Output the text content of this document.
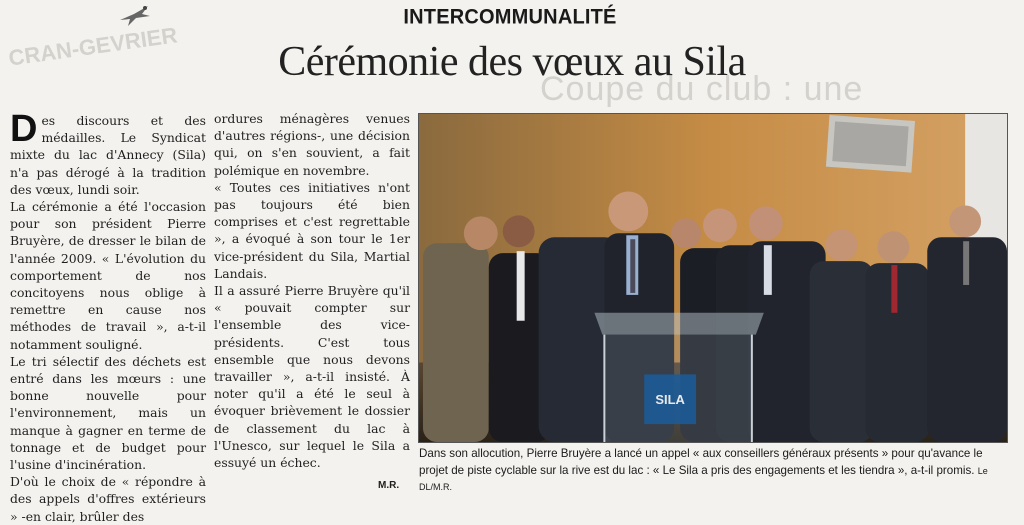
CRAN-GEVRIER
Coupe du club : une
INTERCOMMUNALITÉ
Cérémonie des vœux au Sila

Des discours et des médailles. Le Syndicat mixte du lac d'Annecy (Sila) n'a pas dérogé à la tradition des vœux, lundi soir.

La cérémonie a été l'occasion pour son président Pierre Bruyère, de dresser le bilan de l'année 2009. « L'évolution du comportement de nos concitoyens nous oblige à remettre en cause nos méthodes de travail », a-t-il notamment souligné.

Le tri sélectif des déchets est entré dans les mœurs : une bonne nouvelle pour l'environnement, mais un manque à gagner en terme de tonnage et de budget pour l'usine d'incinération.

D'où le choix de « répondre à des appels d'offres extérieurs » -en clair, brûler des

ordures ménagères venues d'autres régions-, une décision qui, on s'en souvient, a fait polémique en novembre.

« Toutes ces initiatives n'ont pas toujours été bien comprises et c'est regrettable », a évoqué à son tour le 1er vice-président du Sila, Martial Landais.

Il a assuré Pierre Bruyère qu'il « pouvait compter sur l'ensemble des vice-présidents. C'est tous ensemble que nous devons travailler », a-t-il insisté. À noter qu'il a été le seul à évoquer brièvement le dossier de classement du lac à l'Unesco, sur lequel le Sila a essuyé un échec.

SILA
Dans son allocution, Pierre Bruyère a lancé un appel « aux conseillers généraux présents » pour qu'avance le projet de piste cyclable sur la rive est du lac : « Le Sila a pris des engagements et les tiendra », a-t-il promis. Le DL/M.R.
M.R.
